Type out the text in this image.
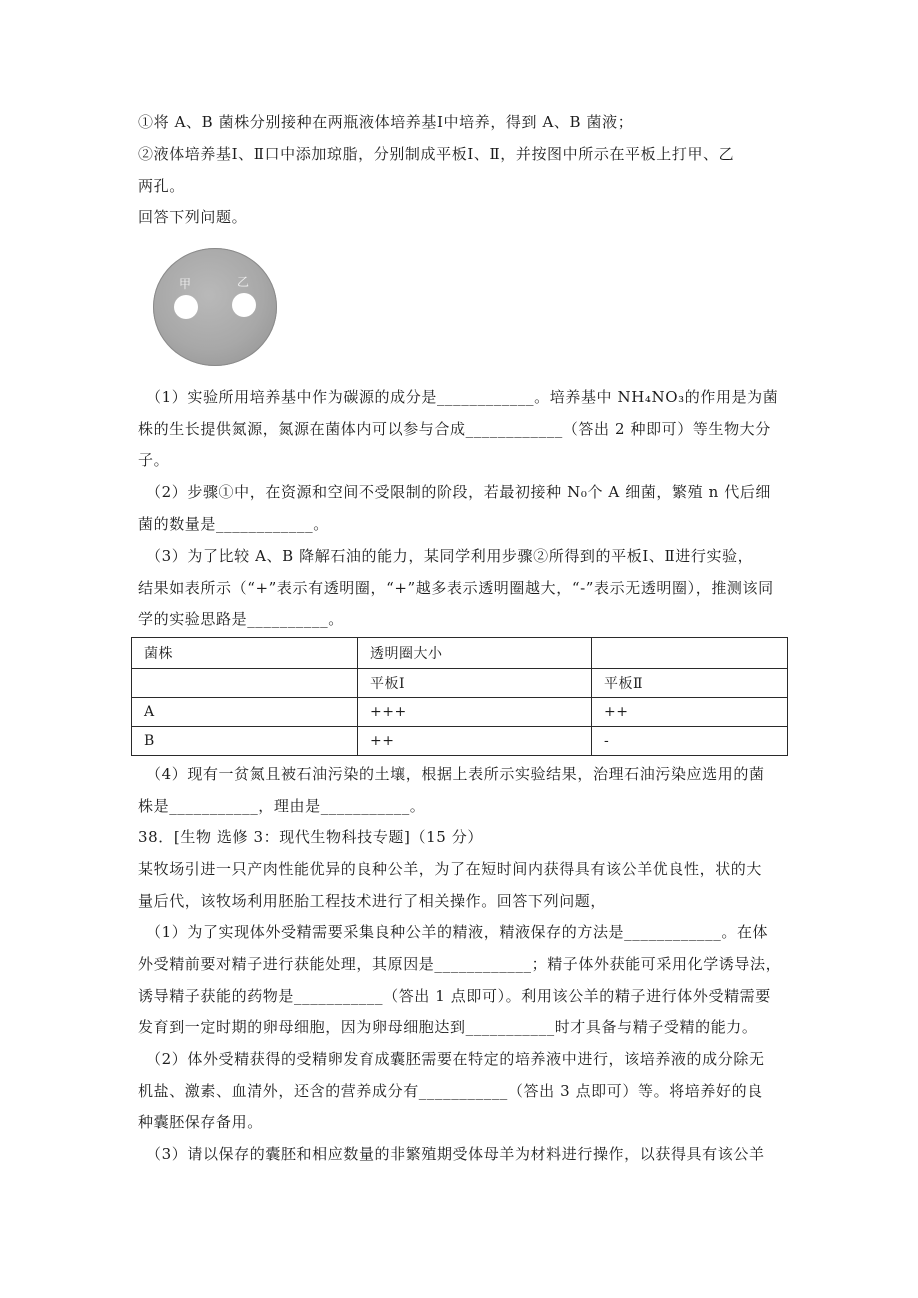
①将 A、B 菌株分别接种在两瓶液体培养基Ⅰ中培养，得到 A、B 菌液；
②液体培养基Ⅰ、Ⅱ口中添加琼脂，分别制成平板Ⅰ、Ⅱ，并按图中所示在平板上打甲、乙
两孔。
回答下列问题。
甲	乙
（1）实验所用培养基中作为碳源的成分是____________。培养基中 NH₄NO₃的作用是为菌
株的生长提供氮源，氮源在菌体内可以参与合成____________（答出 2 种即可）等生物大分
子。
（2）步骤①中，在资源和空间不受限制的阶段，若最初接种 N₀个 A 细菌，繁殖 n 代后细
菌的数量是____________。
（3）为了比较 A、B 降解石油的能力，某同学利用步骤②所得到的平板Ⅰ、Ⅱ进行实验，
结果如表所示（“+”表示有透明圈，“+”越多表示透明圈越大，“-”表示无透明圈），推测该同
学的实验思路是__________。
菌株	透明圈大小	
	平板Ⅰ	平板Ⅱ
A	+++	++
B	++	-
（4）现有一贫氮且被石油污染的土壤，根据上表所示实验结果，治理石油污染应选用的菌
株是___________，理由是___________。
38．[生物 选修 3：现代生物科技专题]（15 分）
某牧场引进一只产肉性能优异的良种公羊，为了在短时间内获得具有该公羊优良性，状的大
量后代，该牧场利用胚胎工程技术进行了相关操作。回答下列问题，
（1）为了实现体外受精需要采集良种公羊的精液，精液保存的方法是____________。在体
外受精前要对精子进行获能处理，其原因是____________；精子体外获能可采用化学诱导法，
诱导精子获能的药物是___________（答出 1 点即可）。利用该公羊的精子进行体外受精需要
发育到一定时期的卵母细胞，因为卵母细胞达到___________时才具备与精子受精的能力。
（2）体外受精获得的受精卵发育成囊胚需要在特定的培养液中进行，该培养液的成分除无
机盐、激素、血清外，还含的营养成分有___________（答出 3 点即可）等。将培养好的良
种囊胚保存备用。
（3）请以保存的囊胚和相应数量的非繁殖期受体母羊为材料进行操作，以获得具有该公羊
